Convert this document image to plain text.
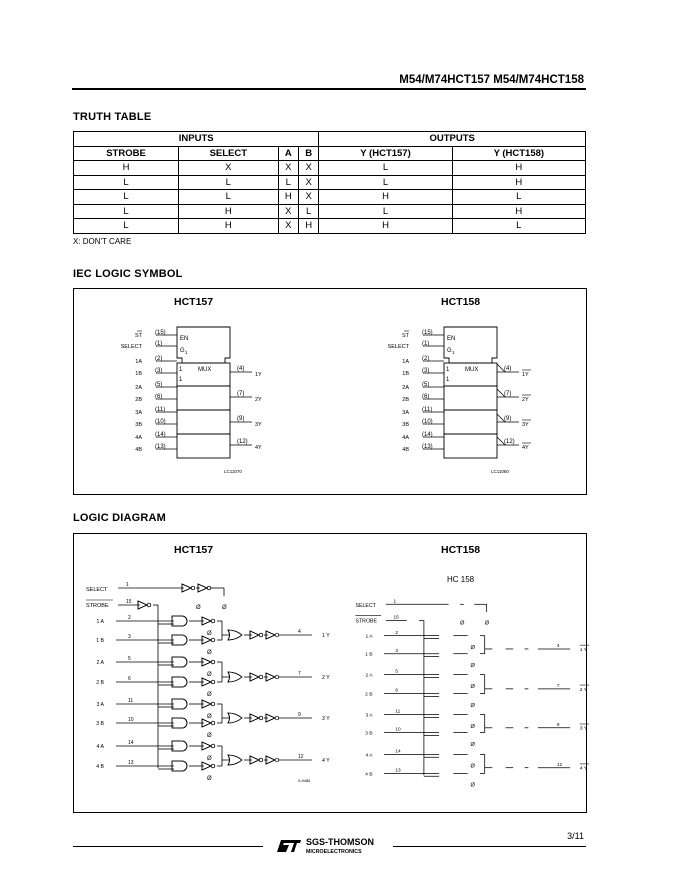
M54/M74HCT157 M54/M74HCT158
TRUTH TABLE
INPUTS				OUTPUTS	
STROBE	SELECT	A	B	Y (HCT157)	Y (HCT158)
H	X	X	X	L	H
L	L	L	X	L	H
L	L	H	X	H	L
L	H	X	L	L	H
L	H	X	H	H	L
X: DON'T CARE
IEC LOGIC SYMBOL
HCT157	HCT158
EN
G 1
1
1
MUX
(15)
ST
(1)
SELECT
(2)
1A
(3)
1B
(5)
2A
(6)
2B
(11)
3A
(10)
3B
(14)
4A
(13)
4B
(4)
1Y
(7)
2Y
(9)
3Y
(12)
4Y
EN
G 1
1
1
MUX
(15)
ST
(1)
SELECT
(2)
1A
(3)
1B
(5)
2A
(6)
2B
(11)
3A
(10)
3B
(14)
4A
(13)
4B
(4)
1Y
(7)
2Y
(9)
3Y
(12)
4Y
LC11070	LC11060
LOGIC DIAGRAM
HCT157	HCT158
SELECT
STROBE
1
15
Ø	Ø
1 A
2
Ø
1 B
3
Ø
2 A
5
Ø
2 B
6
Ø
3 A
11
Ø
3 B
10
Ø
4 A
14
Ø
4 B
13
Ø
4
1 Y
7
2 Y
9
3 Y
12
4 Y
S-9486
HC 158
SELECT
STROBE
1
15
Ø	Ø
1 A
2
Ø
1 B
3
Ø
2 A
5
Ø
2 B
6
Ø
3 A
11
Ø
3 B
10
Ø
4 A
14
Ø
4 B
13
Ø
4
1 Y
7
2 Y
9
3 Y
12
4 Y
SGS-THOMSON
MICROELECTRONICS
3/11
